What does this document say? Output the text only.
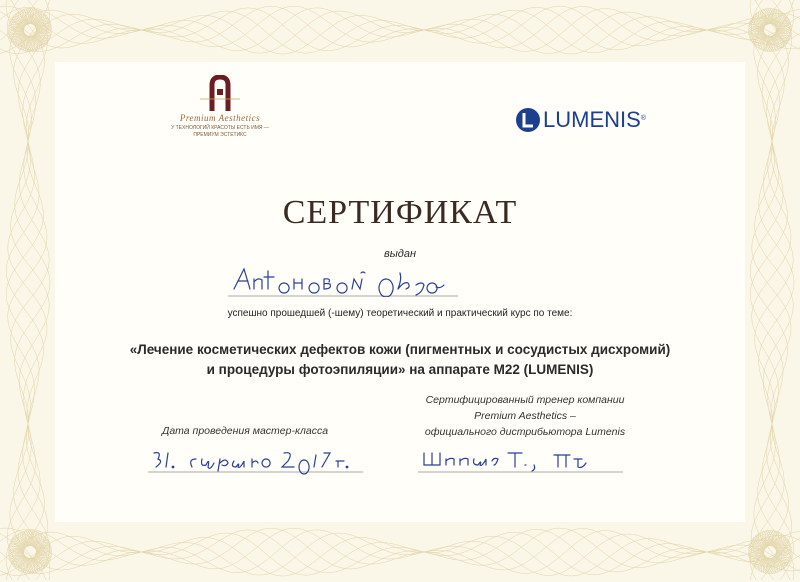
Premium Aesthetics
У ТЕХНОЛОГИЙ КРАСОТЫ ЕСТЬ ИМЯ —
ПРЕМИУМ ЭСТЕТИКС
LUMENIS ®
СЕРТИФИКАТ
выдан
успешно прошедшей (-шему) теоретический и практический курс по теме:
«Лечение косметических дефектов кожи (пигментных и сосудистых дисхромий)
и процедуры фотоэпиляции» на аппарате М22 (LUMENIS)
Сертифицированный тренер компании
Premium Aesthetics –
официального дистрибьютора Lumenis
Дата проведения мастер-класса
